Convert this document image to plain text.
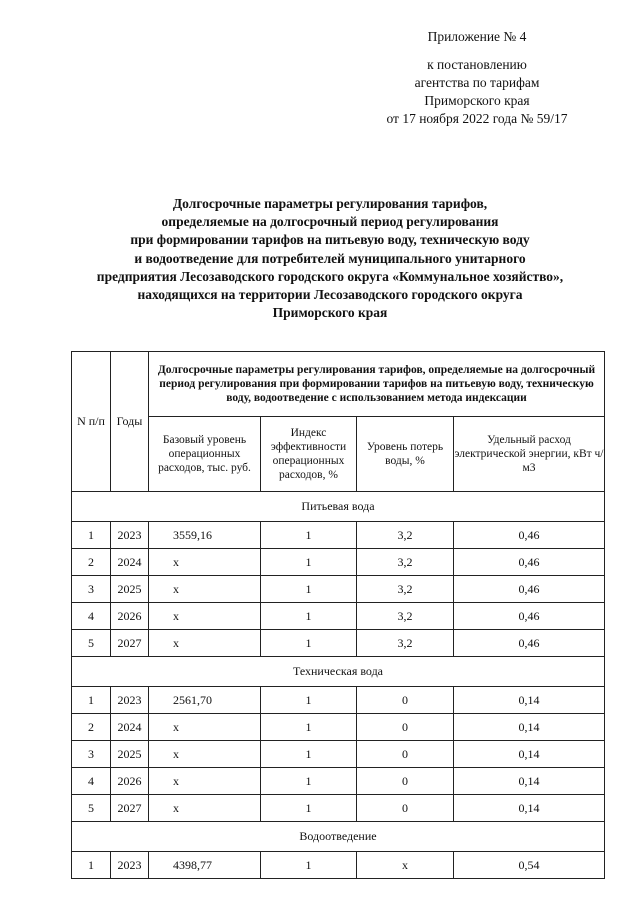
Приложение № 4
к постановлению
агентства по тарифам
Приморского края
от 17 ноября 2022 года № 59/17
Долгосрочные параметры регулирования тарифов,
определяемые на долгосрочный период регулирования
при формировании тарифов на питьевую воду, техническую воду
и водоотведение для потребителей муниципального унитарного
предприятия Лесозаводского городского округа «Коммунальное хозяйство»,
находящихся на территории Лесозаводского городского округа
Приморского края
N п/п	Годы	Долгосрочные параметры регулирования тарифов, определяемые на долгосрочный период регулирования при формировании тарифов на питьевую воду, техническую воду, водоотведение с использованием метода индексации			
		Базовый уровень операционных расходов, тыс. руб.	Индекс эффективности операционных расходов, %	Уровень потерь воды, %	Удельный расход электрической энергии, кВт ч/м3
Питьевая вода					
1	2023	3559,16	1	3,2	0,46
2	2024	x	1	3,2	0,46
3	2025	x	1	3,2	0,46
4	2026	x	1	3,2	0,46
5	2027	x	1	3,2	0,46
Техническая вода					
1	2023	2561,70	1	0	0,14
2	2024	x	1	0	0,14
3	2025	x	1	0	0,14
4	2026	x	1	0	0,14
5	2027	x	1	0	0,14
Водоотведение					
1	2023	4398,77	1	x	0,54
